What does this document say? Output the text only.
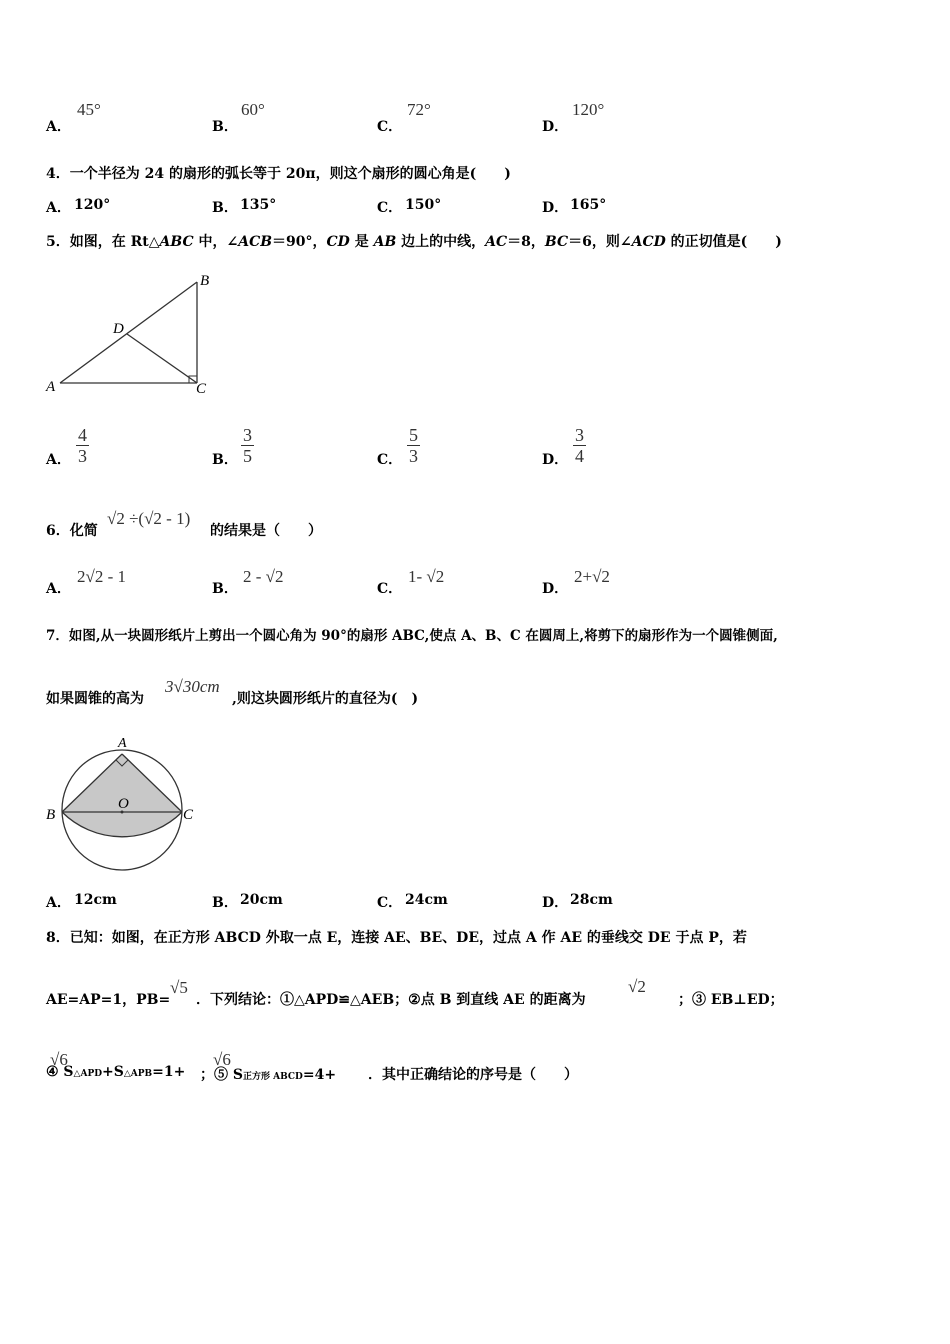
A．
45°
B．
60°
C．
72°
D．
120°
4．一个半径为 24 的扇形的弧长等于 20π，则这个扇形的圆心角是(　　)
A． 120°	B． 135°	C． 150°	D． 165°
5．如图，在 Rt△ABC 中，∠ACB＝90°，CD 是 AB 边上的中线，AC＝8，BC＝6，则∠ACD 的正切值是(　　)
A
B
C
D
A． $\frac{4}{3}$	B． $\frac{3}{5}$	C． $\frac{5}{3}$	D． $\frac{3}{4}$
6．化简
√2 ÷(√2 - 1)
的结果是（　　）
A．
2√2 - 1
B．
2 - √2
C．
1- √2
D．
2+√2
7．如图,从一块圆形纸片上剪出一个圆心角为 90°的扇形 ABC,使点 A、B、C 在圆周上,将剪下的扇形作为一个圆锥侧面,
如果圆锥的高为
3√30cm
,则这块圆形纸片的直径为(　)
A
B	C
O
A． 12cm	B． 20cm	C． 24cm	D． 28cm
8．已知：如图，在正方形 ABCD 外取一点 E，连接 AE、BE、DE，过点 A 作 AE 的垂线交 DE 于点 P，若
AE=AP=1，PB=
√5
．下列结论：①△APD≌△AEB；②点 B 到直线 AE 的距离为
√2
；③ EB⊥ED；
④ S△APD+S△APB=1+
√6
；⑤ S正方形 ABCD=4+
√6
．其中正确结论的序号是（　　）
